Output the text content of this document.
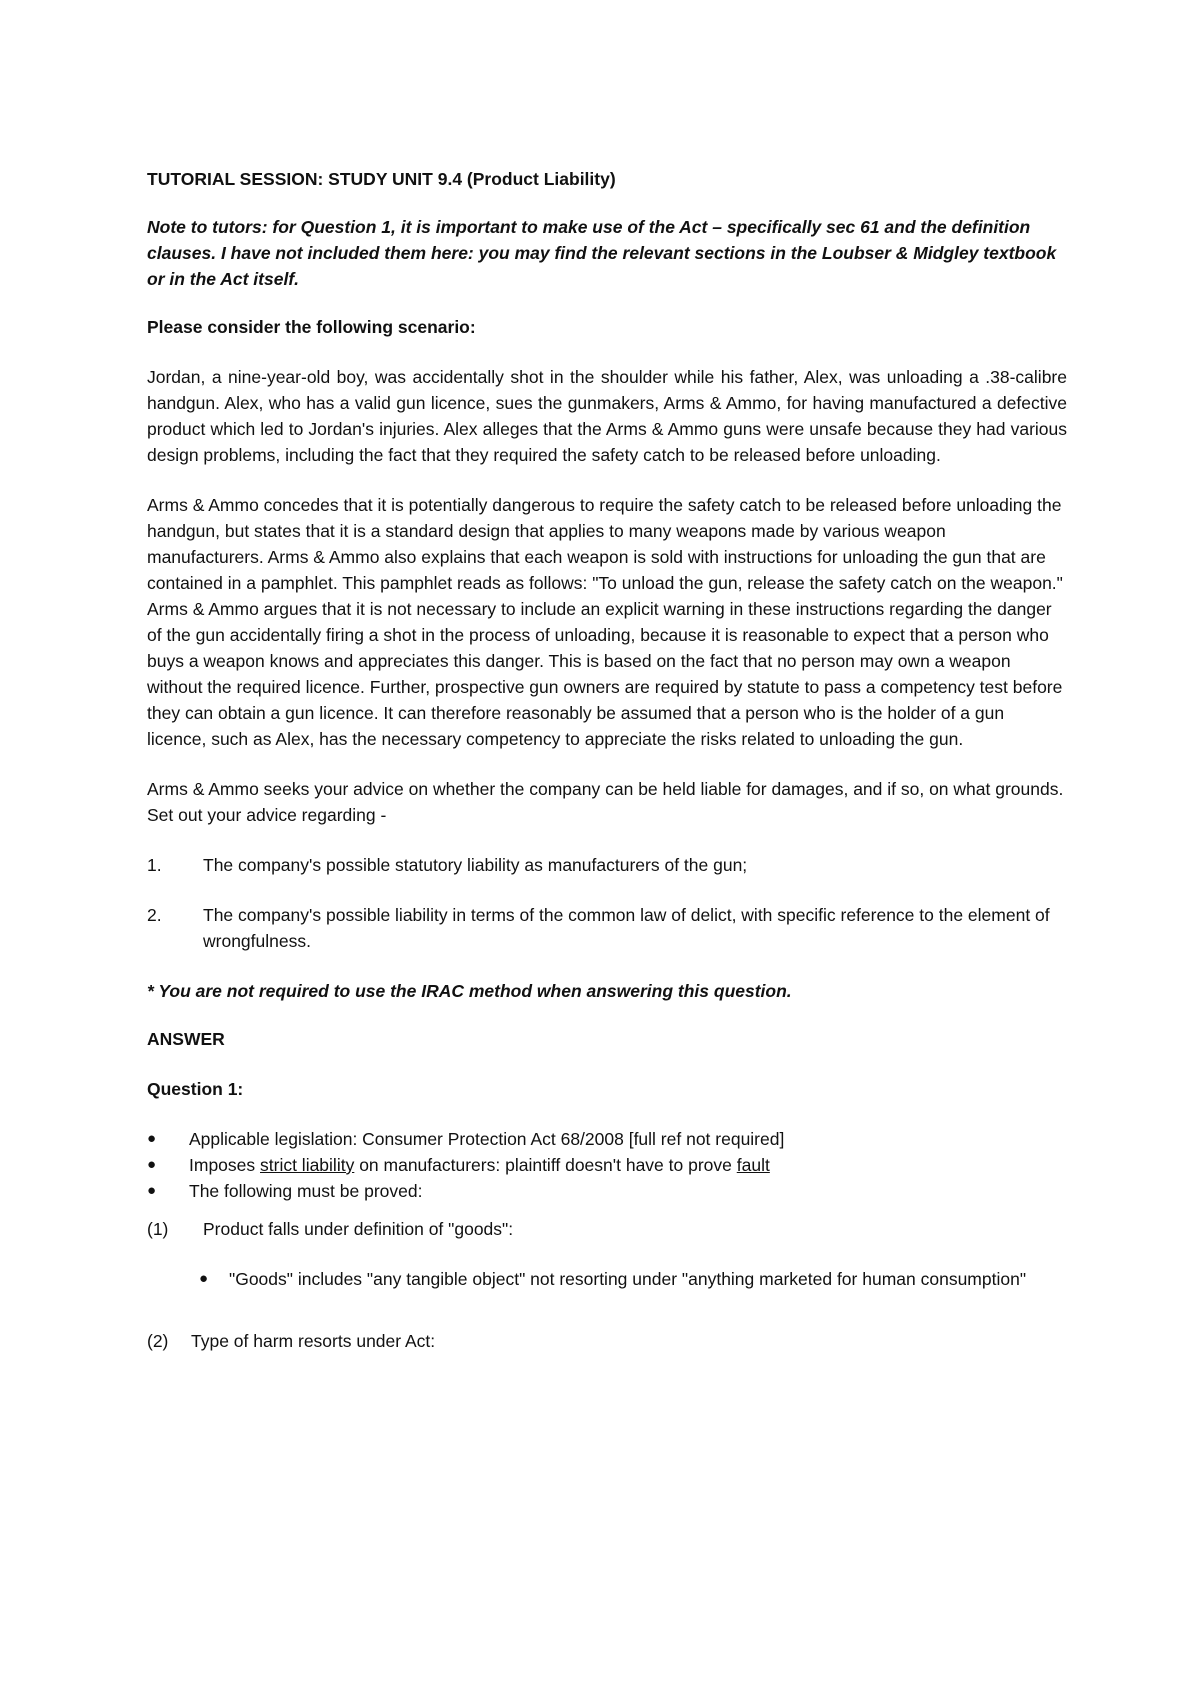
TUTORIAL SESSION: STUDY UNIT 9.4 (Product Liability)

Note to tutors: for Question 1, it is important to make use of the Act – specifically sec 61 and the definition clauses. I have not included them here: you may find the relevant sections in the Loubser & Midgley textbook or in the Act itself.

Please consider the following scenario:

Jordan, a nine-year-old boy, was accidentally shot in the shoulder while his father, Alex, was unloading a .38-calibre handgun. Alex, who has a valid gun licence, sues the gunmakers, Arms & Ammo, for having manufactured a defective product which led to Jordan's injuries. Alex alleges that the Arms & Ammo guns were unsafe because they had various design problems, including the fact that they required the safety catch to be released before unloading.

Arms & Ammo concedes that it is potentially dangerous to require the safety catch to be released before unloading the handgun, but states that it is a standard design that applies to many weapons made by various weapon manufacturers. Arms & Ammo also explains that each weapon is sold with instructions for unloading the gun that are contained in a pamphlet. This pamphlet reads as follows: "To unload the gun, release the safety catch on the weapon." Arms & Ammo argues that it is not necessary to include an explicit warning in these instructions regarding the danger of the gun accidentally firing a shot in the process of unloading, because it is reasonable to expect that a person who buys a weapon knows and appreciates this danger. This is based on the fact that no person may own a weapon without the required licence. Further, prospective gun owners are required by statute to pass a competency test before they can obtain a gun licence. It can therefore reasonably be assumed that a person who is the holder of a gun licence, such as Alex, has the necessary competency to appreciate the risks related to unloading the gun.

Arms & Ammo seeks your advice on whether the company can be held liable for damages, and if so, on what grounds. Set out your advice regarding -

1.	The company's possible statutory liability as manufacturers of the gun;
2.	The company's possible liability in terms of the common law of delict, with specific reference to the element of wrongfulness.

* You are not required to use the IRAC method when answering this question.

ANSWER

Question 1:

●	Applicable legislation: Consumer Protection Act 68/2008 [full ref not required]
●	Imposes strict liability on manufacturers: plaintiff doesn't have to prove fault
●	The following must be proved:
(1)	Product falls under definition of "goods":
●	"Goods" includes "any tangible object" not resorting under "anything marketed for human consumption"
(2)	Type of harm resorts under Act:
